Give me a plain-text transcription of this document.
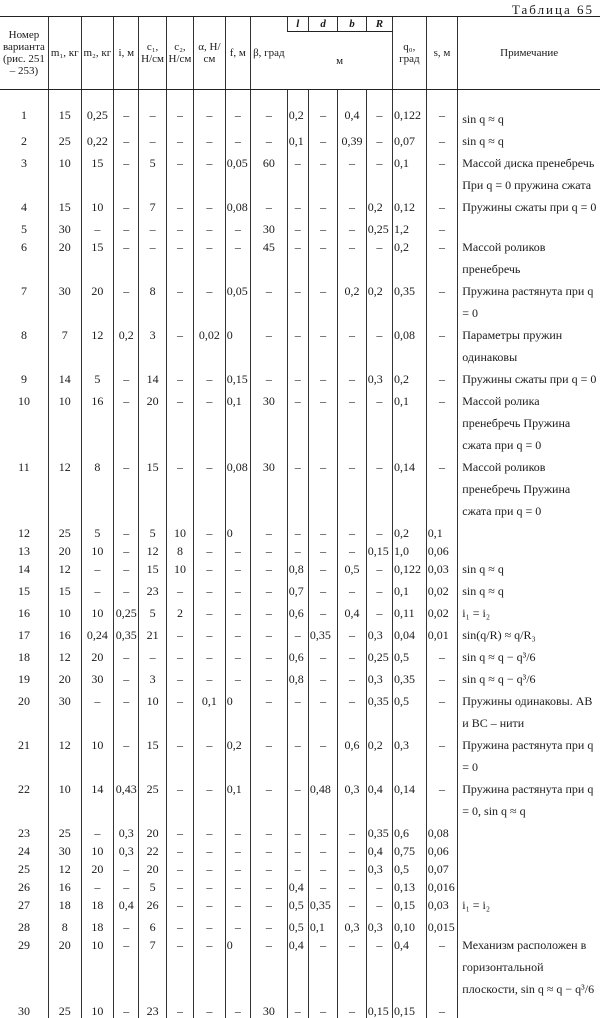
Таблица 65
Номер варианта (рис. 251 – 253)	m₁, кг	m₂, кг	i, м	c₁, Н/см	c₂, Н/см	α, Н/см	f, м	β, град	l	d	b	R	q₀, град	s, м	Примечание
									м						
1	15	0,25	–	–	–	–	–	–	0,2	–	0,4	–	0,122	–	sin q ≈ q
2	25	0,22	–	–	–	–	–	–	0,1	–	0,39	–	0,07	–	sin q ≈ q
3	10	15	–	5	–	–	0,05	60	–	–	–	–	0,1	–	Массой диска пренебречь При q = 0 пружина сжата
4	15	10	–	7	–	–	0,08	–	–	–	–	0,2	0,12	–	Пружины сжаты при q = 0
5	30	–	–	–	–	–	–	30	–	–	–	0,25	1,2	–	
6	20	15	–	–	–	–	–	45	–	–	–	–	0,2	–	Массой роликов пренебречь
7	30	20	–	8	–	–	0,05	–	–	–	0,2	0,2	0,35	–	Пружина растянута при q = 0
8	7	12	0,2	3	–	0,02	0	–	–	–	–	–	0,08	–	Параметры пружин одинаковы
9	14	5	–	14	–	–	0,15	–	–	–	–	0,3	0,2	–	Пружины сжаты при q = 0
10	10	16	–	20	–	–	0,1	30	–	–	–	–	0,1	–	Массой ролика пренебречь Пружина сжата при q = 0
11	12	8	–	15	–	–	0,08	30	–	–	–	–	0,14	–	Массой роликов пренебречь Пружина сжата при q = 0
12	25	5	–	5	10	–	0	–	–	–	–	–	0,2	0,1	
13	20	10	–	12	8	–	–	–	–	–	–	0,15	1,0	0,06	
14	12	–	–	15	10	–	–	–	0,8	–	0,5	–	0,122	0,03	sin q ≈ q
15	15	–	–	23	–	–	–	–	0,7	–	–	–	0,1	0,02	sin q ≈ q
16	10	10	0,25	5	2	–	–	–	0,6	–	0,4	–	0,11	0,02	i₁ = i₂
17	16	0,24	0,35	21	–	–	–	–	–	0,35	–	0,3	0,04	0,01	sin(q/R) ≈ q/R₃
18	12	20	–	–	–	–	–	–	0,6	–	–	0,25	0,5	–	sin q ≈ q − q³/6
19	20	30	–	3	–	–	–	–	0,8	–	–	0,3	0,35	–	sin q ≈ q − q³/6
20	30	–	–	10	–	0,1	0	–	–	–	–	0,35	0,5	–	Пружины одинаковы. AB и BC – нити
21	12	10	–	15	–	–	0,2	–	–	–	0,6	0,2	0,3	–	Пружина растянута при q = 0
22	10	14	0,43	25	–	–	0,1	–	–	0,48	0,3	0,4	0,14	–	Пружина растянута при q = 0, sin q ≈ q
23	25	–	0,3	20	–	–	–	–	–	–	–	0,35	0,6	0,08	
24	30	10	0,3	22	–	–	–	–	–	–	–	0,4	0,75	0,06	
25	12	20	–	20	–	–	–	–	–	–	–	0,3	0,5	0,07	
26	16	–	–	5	–	–	–	–	0,4	–	–	–	0,13	0,016	
27	18	18	0,4	26	–	–	–	–	0,5	0,35	–	–	0,15	0,03	i₁ = i₂
28	8	18	–	6	–	–	–	–	0,5	0,1	0,3	0,3	0,10	0,015	
29	20	10	–	7	–	–	0	–	0,4	–	–	–	0,4	–	Механизм расположен в горизонтальной плоскости, sin q ≈ q − q³/6
30	25	10	–	23	–	–	–	30	–	–	–	0,15	0,15	–	
